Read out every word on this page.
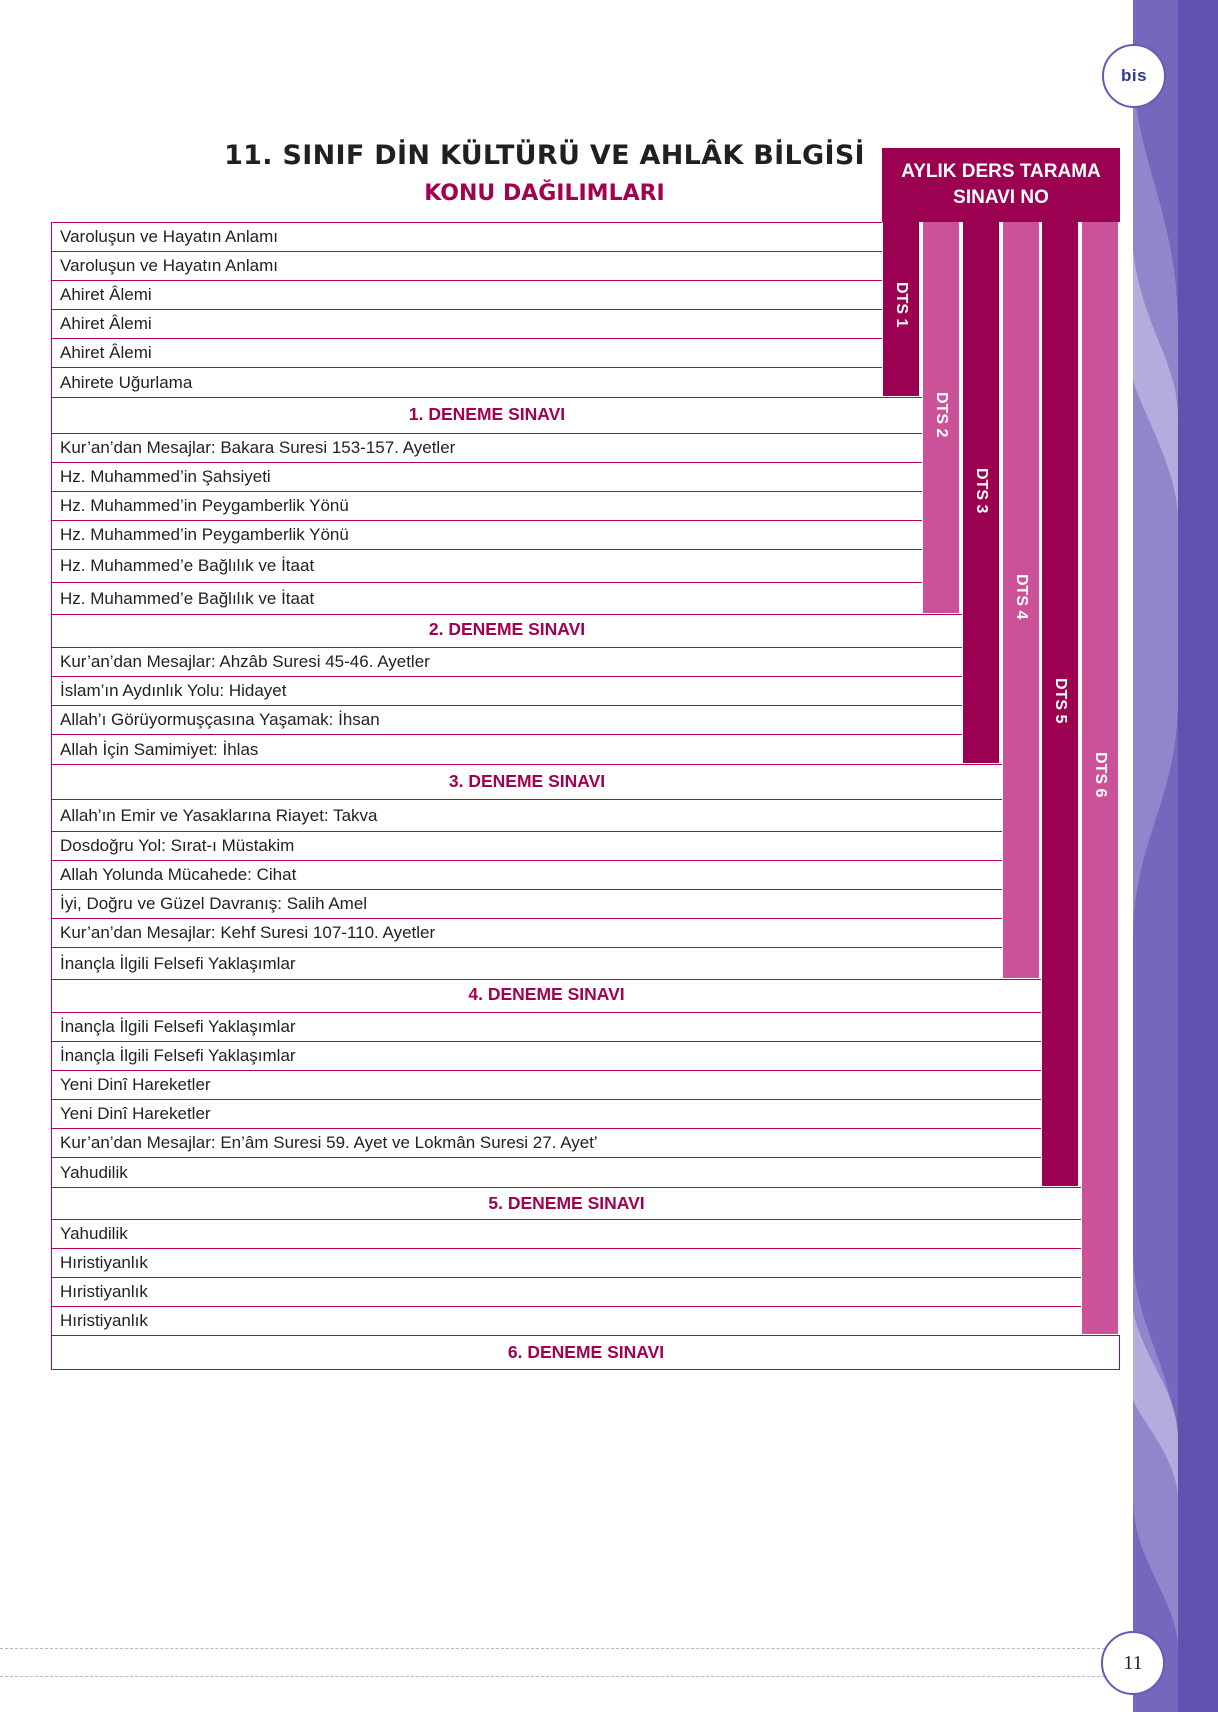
bis
11
11. SINIF DİN KÜLTÜRÜ VE AHLÂK BİLGİSİ
KONU DAĞILIMLARI
AYLIK DERS TARAMA
SINAVI NO
Varoluşun ve Hayatın Anlamı
Varoluşun ve Hayatın Anlamı
Ahiret Âlemi
Ahiret Âlemi
Ahiret Âlemi
Ahirete Uğurlama
1. DENEME SINAVI
Kur’an’dan Mesajlar: Bakara Suresi 153-157. Ayetler
Hz. Muhammed’in Şahsiyeti
Hz. Muhammed’in Peygamberlik Yönü
Hz. Muhammed’in Peygamberlik Yönü
Hz. Muhammed’e Bağlılık ve İtaat
Hz. Muhammed’e Bağlılık ve İtaat
2. DENEME SINAVI
Kur’an’dan Mesajlar: Ahzâb Suresi 45-46. Ayetler
İslam’ın Aydınlık Yolu: Hidayet
Allah’ı Görüyormuşçasına Yaşamak: İhsan
Allah İçin Samimiyet: İhlas
3. DENEME SINAVI
Allah’ın Emir ve Yasaklarına Riayet: Takva
Dosdoğru Yol: Sırat-ı Müstakim
Allah Yolunda Mücahede: Cihat
İyi, Doğru ve Güzel Davranış: Salih Amel
Kur’an’dan Mesajlar: Kehf Suresi 107-110. Ayetler
İnançla İlgili Felsefi Yaklaşımlar
4. DENEME SINAVI
İnançla İlgili Felsefi Yaklaşımlar
İnançla İlgili Felsefi Yaklaşımlar
Yeni Dinî Hareketler
Yeni Dinî Hareketler
Kur’an’dan Mesajlar: En’âm Suresi 59. Ayet ve Lokmân Suresi 27. Ayet’
Yahudilik
5. DENEME SINAVI
Yahudilik
Hıristiyanlık
Hıristiyanlık
Hıristiyanlık
6. DENEME SINAVI
DTS 1
DTS 2
DTS 3
DTS 4
DTS 5
DTS 6
